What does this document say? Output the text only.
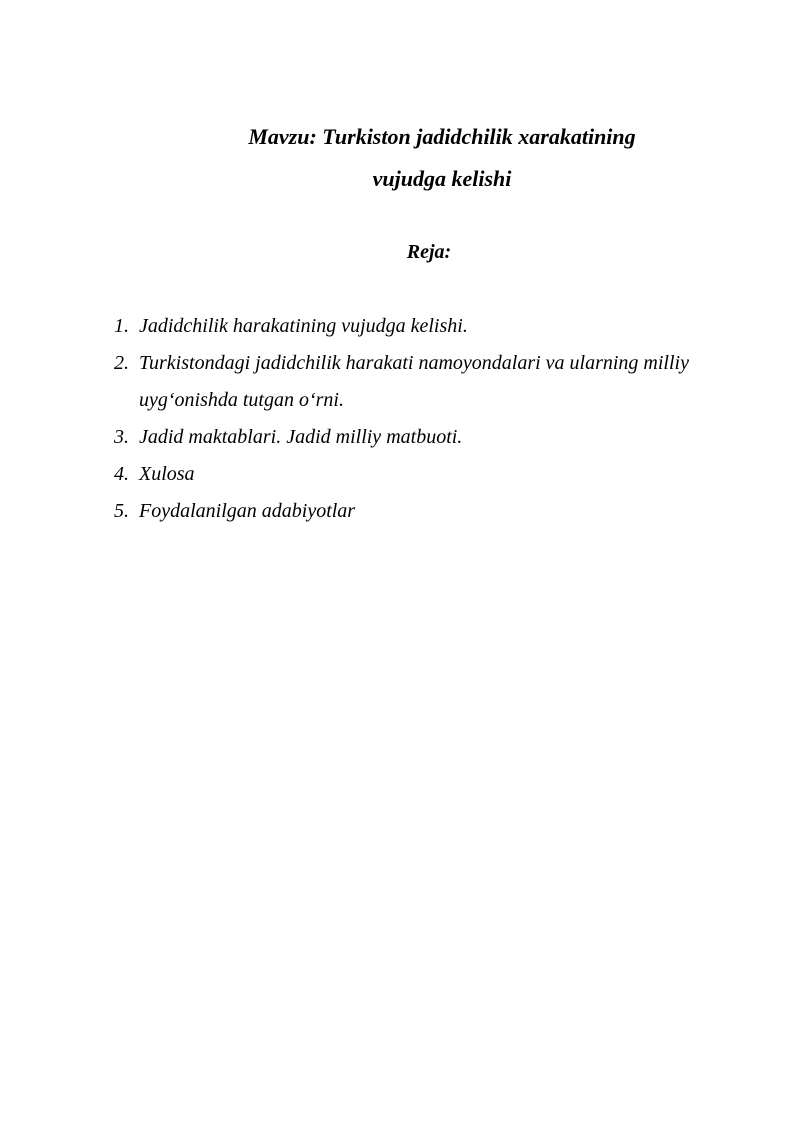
Mavzu: Turkiston jadidchilik xarakatining
vujudga kelishi
Reja:
1. Jadidchilik harakatining vujudga kelishi.
2. Turkistondagi jadidchilik harakati namoyondalari va ularning milliy uyg‘onishda tutgan o‘rni.
3. Jadid maktablari. Jadid milliy matbuoti.
4. Xulosa
5. Foydalanilgan adabiyotlar
